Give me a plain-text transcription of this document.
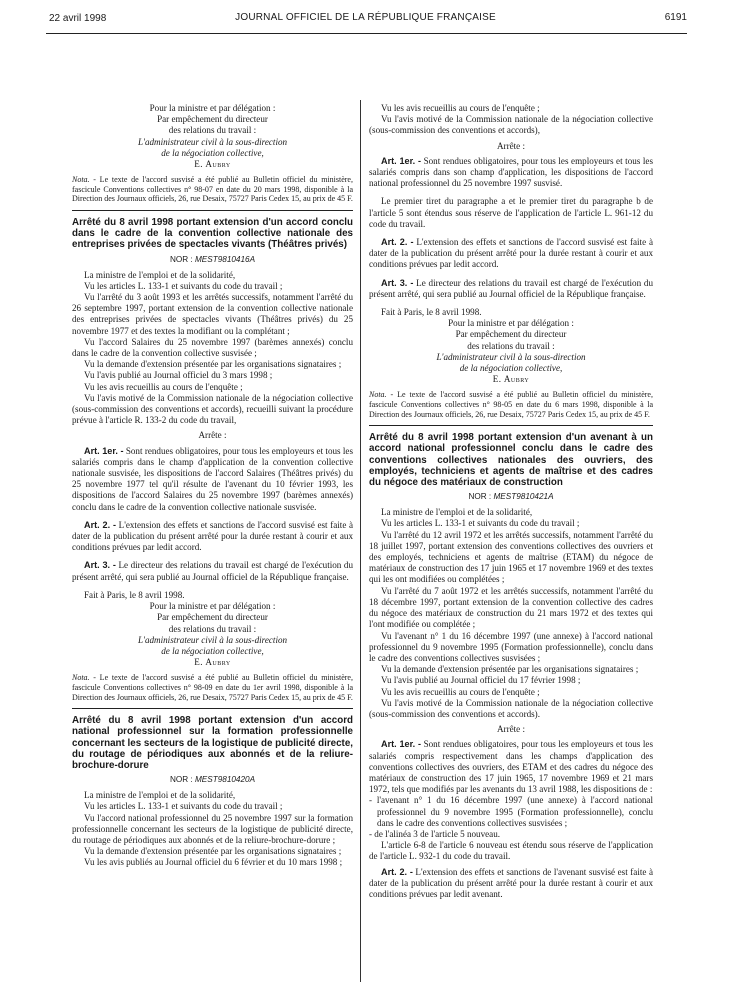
22 avril 1998	JOURNAL OFFICIEL DE LA RÉPUBLIQUE FRANÇAISE	6191

Pour la ministre et par délégation :

Par empêchement du directeur

des relations du travail :

L'administrateur civil à la sous-direction

de la négociation collective,

E. Aubry

Nota. - Le texte de l'accord susvisé a été publié au Bulletin officiel du ministère, fascicule Conventions collectives n° 98-07 en date du 20 mars 1998, disponible à la Direction des Journaux officiels, 26, rue Desaix, 75727 Paris Cedex 15, au prix de 45 F.

Arrêté du 8 avril 1998 portant extension d'un accord conclu dans le cadre de la convention collective nationale des entreprises privées de spectacles vivants (Théâtres privés)

NOR : MEST9810416A

La ministre de l'emploi et de la solidarité,

Vu les articles L. 133-1 et suivants du code du travail ;

Vu l'arrêté du 3 août 1993 et les arrêtés successifs, notamment l'arrêté du 26 septembre 1997, portant extension de la convention collective nationale des entreprises privées de spectacles vivants (Théâtres privés) du 25 novembre 1977 et des textes la modifiant ou la complétant ;

Vu l'accord Salaires du 25 novembre 1997 (barèmes annexés) conclu dans le cadre de la convention collective susvisée ;

Vu la demande d'extension présentée par les organisations signataires ;

Vu l'avis publié au Journal officiel du 3 mars 1998 ;

Vu les avis recueillis au cours de l'enquête ;

Vu l'avis motivé de la Commission nationale de la négociation collective (sous-commission des conventions et accords), recueilli suivant la procédure prévue à l'article R. 133-2 du code du travail,

Arrête :

Art. 1er. - Sont rendues obligatoires, pour tous les employeurs et tous les salariés compris dans le champ d'application de la convention collective nationale susvisée, les dispositions de l'accord Salaires (Théâtres privés) du 25 novembre 1977 tel qu'il résulte de l'avenant du 10 février 1993, les dispositions de l'accord Salaires du 25 novembre 1997 (barèmes annexés) conclu dans le cadre de la convention collective nationale susvisée.

Art. 2. - L'extension des effets et sanctions de l'accord susvisé est faite à dater de la publication du présent arrêté pour la durée restant à courir et aux conditions prévues par ledit accord.

Art. 3. - Le directeur des relations du travail est chargé de l'exécution du présent arrêté, qui sera publié au Journal officiel de la République française.

Fait à Paris, le 8 avril 1998.

Pour la ministre et par délégation :

Par empêchement du directeur

des relations du travail :

L'administrateur civil à la sous-direction

de la négociation collective,

E. Aubry

Nota. - Le texte de l'accord susvisé a été publié au Bulletin officiel du ministère, fascicule Conventions collectives n° 98-09 en date du 1er avril 1998, disponible à la Direction des Journaux officiels, 26, rue Desaix, 75727 Paris Cedex 15, au prix de 45 F.

Arrêté du 8 avril 1998 portant extension d'un accord national professionnel sur la formation professionnelle concernant les secteurs de la logistique de publicité directe, du routage de périodiques aux abonnés et de la reliure-brochure-dorure

NOR : MEST9810420A

La ministre de l'emploi et de la solidarité,

Vu les articles L. 133-1 et suivants du code du travail ;

Vu l'accord national professionnel du 25 novembre 1997 sur la formation professionnelle concernant les secteurs de la logistique de publicité directe, du routage de périodiques aux abonnés et de la reliure-brochure-dorure ;

Vu la demande d'extension présentée par les organisations signataires ;

Vu les avis publiés au Journal officiel du 6 février et du 10 mars 1998 ;

Vu les avis recueillis au cours de l'enquête ;

Vu l'avis motivé de la Commission nationale de la négociation collective (sous-commission des conventions et accords),

Arrête :

Art. 1er. - Sont rendues obligatoires, pour tous les employeurs et tous les salariés compris dans son champ d'application, les dispositions de l'accord national professionnel du 25 novembre 1997 susvisé.

Le premier tiret du paragraphe a et le premier tiret du paragraphe b de l'article 5 sont étendus sous réserve de l'application de l'article L. 961-12 du code du travail.

Art. 2. - L'extension des effets et sanctions de l'accord susvisé est faite à dater de la publication du présent arrêté pour la durée restant à courir et aux conditions prévues par ledit accord.

Art. 3. - Le directeur des relations du travail est chargé de l'exécution du présent arrêté, qui sera publié au Journal officiel de la République française.

Fait à Paris, le 8 avril 1998.

Pour la ministre et par délégation :

Par empêchement du directeur

des relations du travail :

L'administrateur civil à la sous-direction

de la négociation collective,

E. Aubry

Nota. - Le texte de l'accord susvisé a été publié au Bulletin officiel du ministère, fascicule Conventions collectives n° 98-05 en date du 6 mars 1998, disponible à la Direction des Journaux officiels, 26, rue Desaix, 75727 Paris Cedex 15, au prix de 45 F.

Arrêté du 8 avril 1998 portant extension d'un avenant à un accord national professionnel conclu dans le cadre des conventions collectives nationales des ouvriers, des employés, techniciens et agents de maîtrise et des cadres du négoce des matériaux de construction

NOR : MEST9810421A

La ministre de l'emploi et de la solidarité,

Vu les articles L. 133-1 et suivants du code du travail ;

Vu l'arrêté du 12 avril 1972 et les arrêtés successifs, notamment l'arrêté du 18 juillet 1997, portant extension des conventions collectives des ouvriers et des employés, techniciens et agents de maîtrise (ETAM) du négoce de matériaux de construction des 17 juin 1965 et 17 novembre 1969 et des textes qui les ont modifiées ou complétées ;

Vu l'arrêté du 7 août 1972 et les arrêtés successifs, notamment l'arrêté du 18 décembre 1997, portant extension de la convention collective des cadres du négoce des matériaux de construction du 21 mars 1972 et des textes qui l'ont modifiée ou complétée ;

Vu l'avenant n° 1 du 16 décembre 1997 (une annexe) à l'accord national professionnel du 9 novembre 1995 (Formation professionnelle), conclu dans le cadre des conventions collectives susvisées ;

Vu la demande d'extension présentée par les organisations signataires ;

Vu l'avis publié au Journal officiel du 17 février 1998 ;

Vu les avis recueillis au cours de l'enquête ;

Vu l'avis motivé de la Commission nationale de la négociation collective (sous-commission des conventions et accords).

Arrête :

Art. 1er. - Sont rendues obligatoires, pour tous les employeurs et tous les salariés compris respectivement dans les champs d'application des conventions collectives des ouvriers, des ETAM et des cadres du négoce des matériaux de construction des 17 juin 1965, 17 novembre 1969 et 21 mars 1972, tels que modifiés par les avenants du 13 avril 1988, les dispositions de :

- l'avenant n° 1 du 16 décembre 1997 (une annexe) à l'accord national professionnel du 9 novembre 1995 (Formation professionnelle), conclu dans le cadre des conventions collectives susvisées ;

- de l'alinéa 3 de l'article 5 nouveau.

L'article 6-8 de l'article 6 nouveau est étendu sous réserve de l'application de l'article L. 932-1 du code du travail.

Art. 2. - L'extension des effets et sanctions de l'avenant susvisé est faite à dater de la publication du présent arrêté pour la durée restant à courir et aux conditions prévues par ledit avenant.
